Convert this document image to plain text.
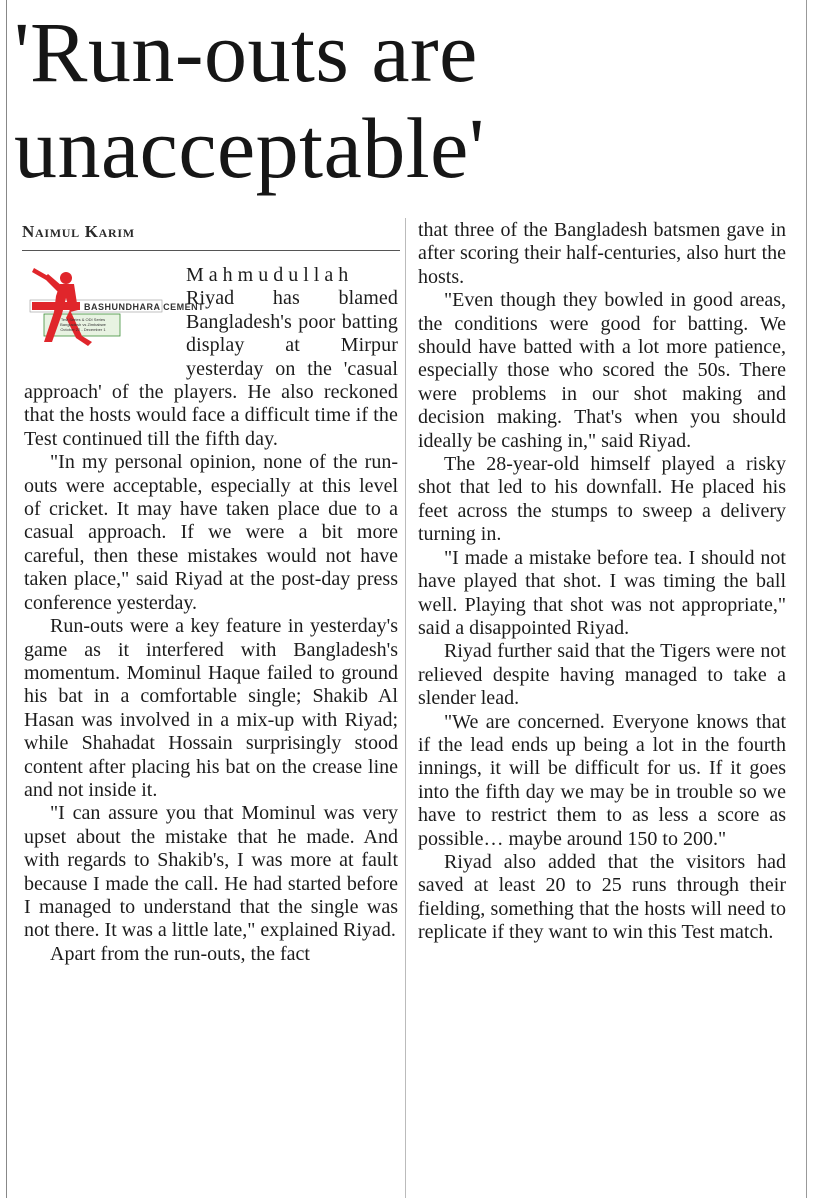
'Run-outs are
unacceptable'
Naimul Karim
BASHUNDHARA CEMENT
Test Series & ODI Series
Bangladesh vs Zimbabwe
October 22 - December 1

Mahmudullah Riyad has blamed Bangladesh's poor batting display at Mirpur yesterday on the 'casual approach' of the players. He also reckoned that the hosts would face a difficult time if the Test continued till the fifth day.

"In my personal opinion, none of the run-outs were acceptable, especially at this level of cricket. It may have taken place due to a casual approach. If we were a bit more careful, then these mistakes would not have taken place," said Riyad at the post-day press conference yesterday.

Run-outs were a key feature in yesterday's game as it interfered with Bangladesh's momentum. Mominul Haque failed to ground his bat in a comfortable single; Shakib Al Hasan was involved in a mix-up with Riyad; while Shahadat Hossain surprisingly stood content after placing his bat on the crease line and not inside it.

"I can assure you that Mominul was very upset about the mistake that he made. And with regards to Shakib's, I was more at fault because I made the call. He had started before I managed to understand that the single was not there. It was a little late," explained Riyad.

Apart from the run-outs, the fact

that three of the Bangladesh batsmen gave in after scoring their half-centuries, also hurt the hosts.

"Even though they bowled in good areas, the conditions were good for batting. We should have batted with a lot more patience, especially those who scored the 50s. There were problems in our shot making and decision making. That's when you should ideally be cashing in," said Riyad.

The 28-year-old himself played a risky shot that led to his downfall. He placed his feet across the stumps to sweep a delivery turning in.

"I made a mistake before tea. I should not have played that shot. I was timing the ball well. Playing that shot was not appropriate," said a disappointed Riyad.

Riyad further said that the Tigers were not relieved despite having managed to take a slender lead.

"We are concerned. Everyone knows that if the lead ends up being a lot in the fourth innings, it will be difficult for us. If it goes into the fifth day we may be in trouble so we have to restrict them to as less a score as possible… maybe around 150 to 200."

Riyad also added that the visitors had saved at least 20 to 25 runs through their fielding, something that the hosts will need to replicate if they want to win this Test match.
